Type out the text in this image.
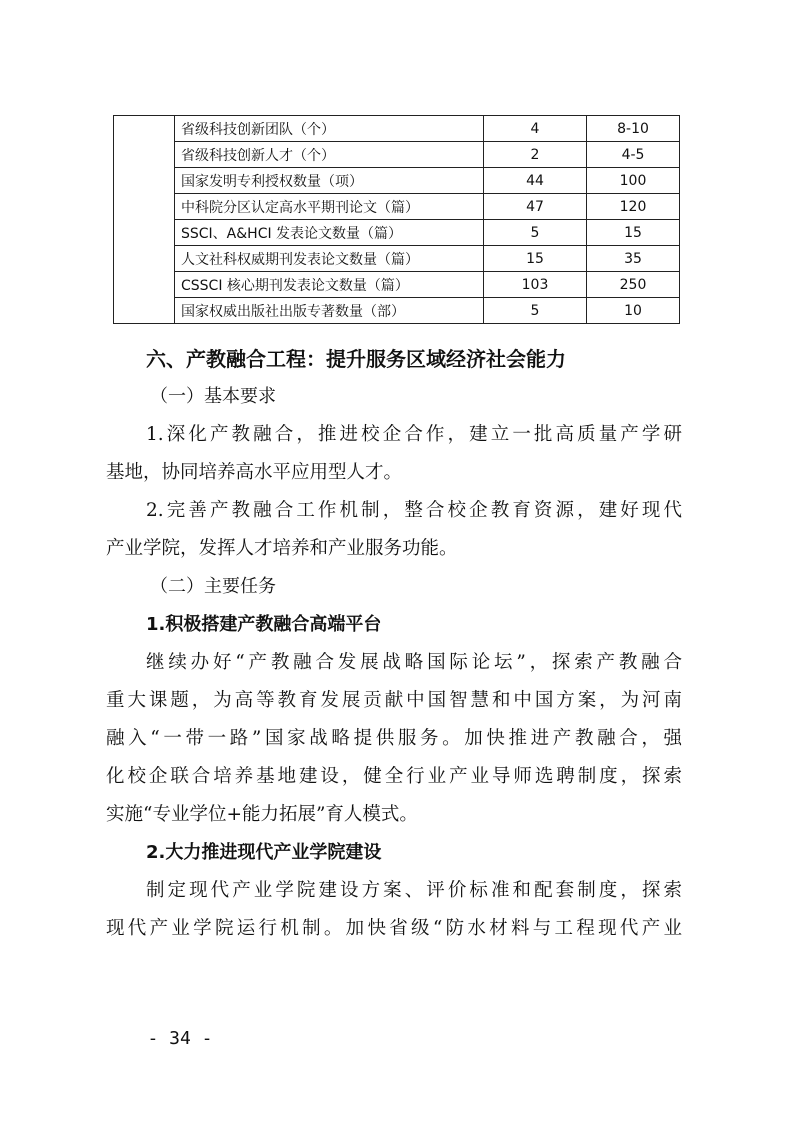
	省级科技创新团队（个）	4	8-10
	省级科技创新人才（个）	2	4-5
	国家发明专利授权数量（项）	44	100
	中科院分区认定高水平期刊论文（篇）	47	120
	SSCI、A&HCI 发表论文数量（篇）	5	15
	人文社科权威期刊发表论文数量（篇）	15	35
	CSSCI 核心期刊发表论文数量（篇）	103	250
	国家权威出版社出版专著数量（部）	5	10
六、产教融合工程：提升服务区域经济社会能力
（一）基本要求
1.深化产教融合，推进校企合作，建立一批高质量产学研
基地，协同培养高水平应用型人才。
2.完善产教融合工作机制，整合校企教育资源，建好现代
产业学院，发挥人才培养和产业服务功能。
（二）主要任务
1.积极搭建产教融合高端平台
继续办好“产教融合发展战略国际论坛”，探索产教融合
重大课题，为高等教育发展贡献中国智慧和中国方案，为河南
融入“一带一路”国家战略提供服务。加快推进产教融合，强
化校企联合培养基地建设，健全行业产业导师选聘制度，探索
实施“专业学位+能力拓展”育人模式。
2.大力推进现代产业学院建设
制定现代产业学院建设方案、评价标准和配套制度，探索
现代产业学院运行机制。加快省级“防水材料与工程现代产业
- 34 -
